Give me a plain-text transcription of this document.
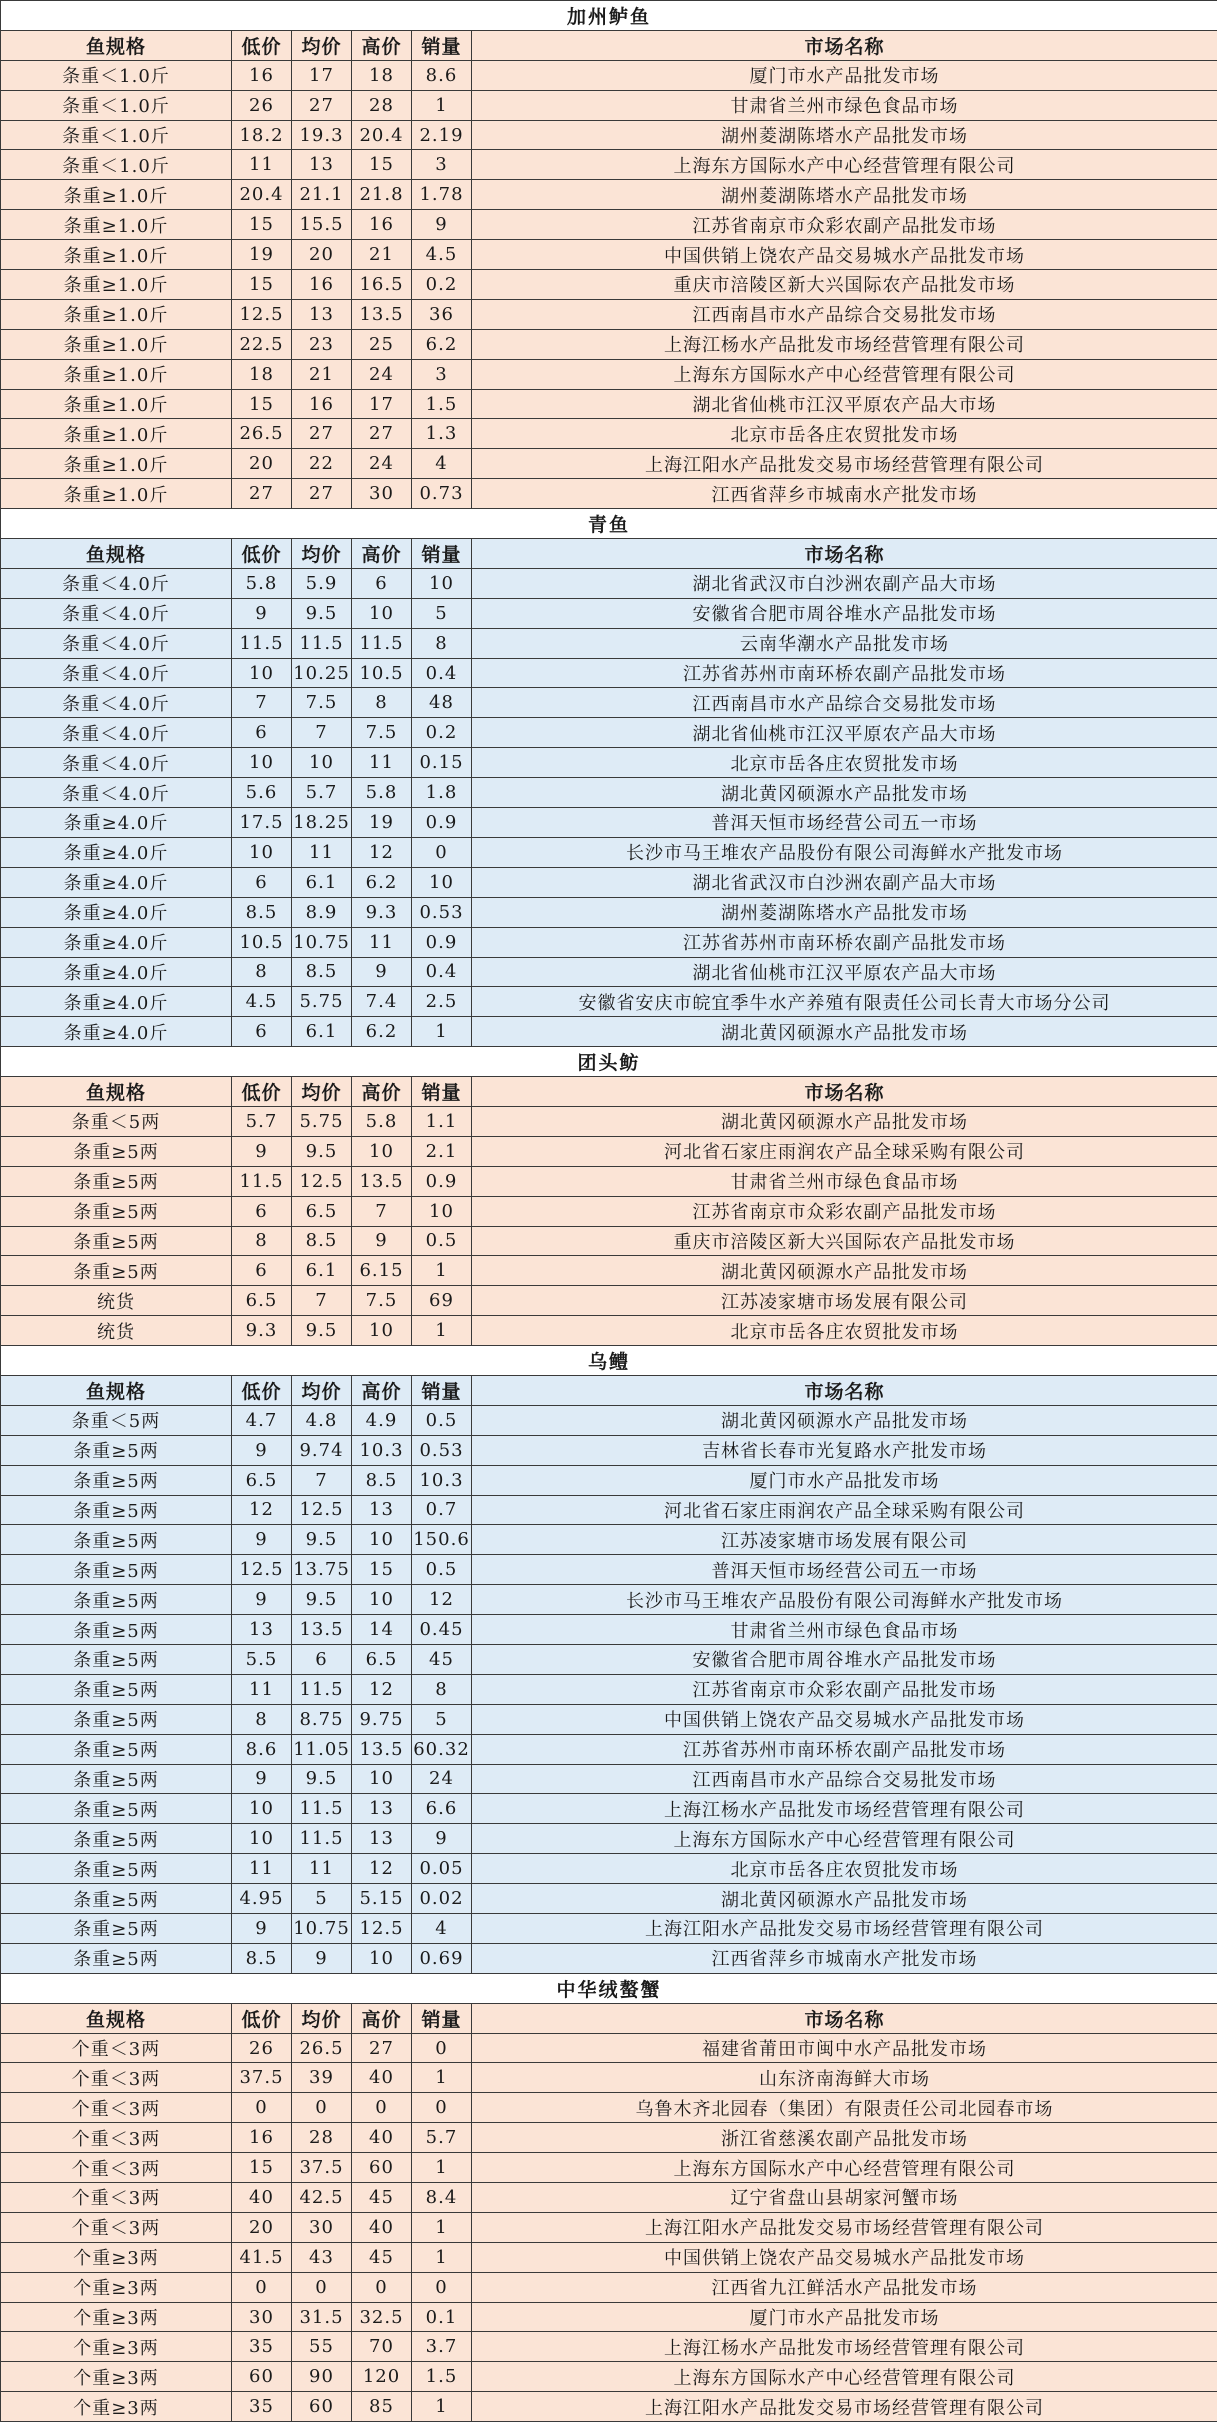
加州鲈鱼					
鱼规格	低价	均价	高价	销量	市场名称
条重＜1.0斤	16	17	18	8.6	厦门市水产品批发市场
条重＜1.0斤	26	27	28	1	甘肃省兰州市绿色食品市场
条重＜1.0斤	18.2	19.3	20.4	2.19	湖州菱湖陈塔水产品批发市场
条重＜1.0斤	11	13	15	3	上海东方国际水产中心经营管理有限公司
条重≥1.0斤	20.4	21.1	21.8	1.78	湖州菱湖陈塔水产品批发市场
条重≥1.0斤	15	15.5	16	9	江苏省南京市众彩农副产品批发市场
条重≥1.0斤	19	20	21	4.5	中国供销上饶农产品交易城水产品批发市场
条重≥1.0斤	15	16	16.5	0.2	重庆市涪陵区新大兴国际农产品批发市场
条重≥1.0斤	12.5	13	13.5	36	江西南昌市水产品综合交易批发市场
条重≥1.0斤	22.5	23	25	6.2	上海江杨水产品批发市场经营管理有限公司
条重≥1.0斤	18	21	24	3	上海东方国际水产中心经营管理有限公司
条重≥1.0斤	15	16	17	1.5	湖北省仙桃市江汉平原农产品大市场
条重≥1.0斤	26.5	27	27	1.3	北京市岳各庄农贸批发市场
条重≥1.0斤	20	22	24	4	上海江阳水产品批发交易市场经营管理有限公司
条重≥1.0斤	27	27	30	0.73	江西省萍乡市城南水产批发市场
青鱼					
鱼规格	低价	均价	高价	销量	市场名称
条重＜4.0斤	5.8	5.9	6	10	湖北省武汉市白沙洲农副产品大市场
条重＜4.0斤	9	9.5	10	5	安徽省合肥市周谷堆水产品批发市场
条重＜4.0斤	11.5	11.5	11.5	8	云南华潮水产品批发市场
条重＜4.0斤	10	10.25	10.5	0.4	江苏省苏州市南环桥农副产品批发市场
条重＜4.0斤	7	7.5	8	48	江西南昌市水产品综合交易批发市场
条重＜4.0斤	6	7	7.5	0.2	湖北省仙桃市江汉平原农产品大市场
条重＜4.0斤	10	10	11	0.15	北京市岳各庄农贸批发市场
条重＜4.0斤	5.6	5.7	5.8	1.8	湖北黄冈硕源水产品批发市场
条重≥4.0斤	17.5	18.25	19	0.9	普洱天恒市场经营公司五一市场
条重≥4.0斤	10	11	12	0	长沙市马王堆农产品股份有限公司海鲜水产批发市场
条重≥4.0斤	6	6.1	6.2	10	湖北省武汉市白沙洲农副产品大市场
条重≥4.0斤	8.5	8.9	9.3	0.53	湖州菱湖陈塔水产品批发市场
条重≥4.0斤	10.5	10.75	11	0.9	江苏省苏州市南环桥农副产品批发市场
条重≥4.0斤	8	8.5	9	0.4	湖北省仙桃市江汉平原农产品大市场
条重≥4.0斤	4.5	5.75	7.4	2.5	安徽省安庆市皖宜季牛水产养殖有限责任公司长青大市场分公司
条重≥4.0斤	6	6.1	6.2	1	湖北黄冈硕源水产品批发市场
团头鲂					
鱼规格	低价	均价	高价	销量	市场名称
条重＜5两	5.7	5.75	5.8	1.1	湖北黄冈硕源水产品批发市场
条重≥5两	9	9.5	10	2.1	河北省石家庄雨润农产品全球采购有限公司
条重≥5两	11.5	12.5	13.5	0.9	甘肃省兰州市绿色食品市场
条重≥5两	6	6.5	7	10	江苏省南京市众彩农副产品批发市场
条重≥5两	8	8.5	9	0.5	重庆市涪陵区新大兴国际农产品批发市场
条重≥5两	6	6.1	6.15	1	湖北黄冈硕源水产品批发市场
统货	6.5	7	7.5	69	江苏凌家塘市场发展有限公司
统货	9.3	9.5	10	1	北京市岳各庄农贸批发市场
乌鳢					
鱼规格	低价	均价	高价	销量	市场名称
条重＜5两	4.7	4.8	4.9	0.5	湖北黄冈硕源水产品批发市场
条重≥5两	9	9.74	10.3	0.53	吉林省长春市光复路水产批发市场
条重≥5两	6.5	7	8.5	10.3	厦门市水产品批发市场
条重≥5两	12	12.5	13	0.7	河北省石家庄雨润农产品全球采购有限公司
条重≥5两	9	9.5	10	150.6	江苏凌家塘市场发展有限公司
条重≥5两	12.5	13.75	15	0.5	普洱天恒市场经营公司五一市场
条重≥5两	9	9.5	10	12	长沙市马王堆农产品股份有限公司海鲜水产批发市场
条重≥5两	13	13.5	14	0.45	甘肃省兰州市绿色食品市场
条重≥5两	5.5	6	6.5	45	安徽省合肥市周谷堆水产品批发市场
条重≥5两	11	11.5	12	8	江苏省南京市众彩农副产品批发市场
条重≥5两	8	8.75	9.75	5	中国供销上饶农产品交易城水产品批发市场
条重≥5两	8.6	11.05	13.5	60.32	江苏省苏州市南环桥农副产品批发市场
条重≥5两	9	9.5	10	24	江西南昌市水产品综合交易批发市场
条重≥5两	10	11.5	13	6.6	上海江杨水产品批发市场经营管理有限公司
条重≥5两	10	11.5	13	9	上海东方国际水产中心经营管理有限公司
条重≥5两	11	11	12	0.05	北京市岳各庄农贸批发市场
条重≥5两	4.95	5	5.15	0.02	湖北黄冈硕源水产品批发市场
条重≥5两	9	10.75	12.5	4	上海江阳水产品批发交易市场经营管理有限公司
条重≥5两	8.5	9	10	0.69	江西省萍乡市城南水产批发市场
中华绒螯蟹					
鱼规格	低价	均价	高价	销量	市场名称
个重＜3两	26	26.5	27	0	福建省莆田市闽中水产品批发市场
个重＜3两	37.5	39	40	1	山东济南海鲜大市场
个重＜3两	0	0	0	0	乌鲁木齐北园春（集团）有限责任公司北园春市场
个重＜3两	16	28	40	5.7	浙江省慈溪农副产品批发市场
个重＜3两	15	37.5	60	1	上海东方国际水产中心经营管理有限公司
个重＜3两	40	42.5	45	8.4	辽宁省盘山县胡家河蟹市场
个重＜3两	20	30	40	1	上海江阳水产品批发交易市场经营管理有限公司
个重≥3两	41.5	43	45	1	中国供销上饶农产品交易城水产品批发市场
个重≥3两	0	0	0	0	江西省九江鲜活水产品批发市场
个重≥3两	30	31.5	32.5	0.1	厦门市水产品批发市场
个重≥3两	35	55	70	3.7	上海江杨水产品批发市场经营管理有限公司
个重≥3两	60	90	120	1.5	上海东方国际水产中心经营管理有限公司
个重≥3两	35	60	85	1	上海江阳水产品批发交易市场经营管理有限公司
